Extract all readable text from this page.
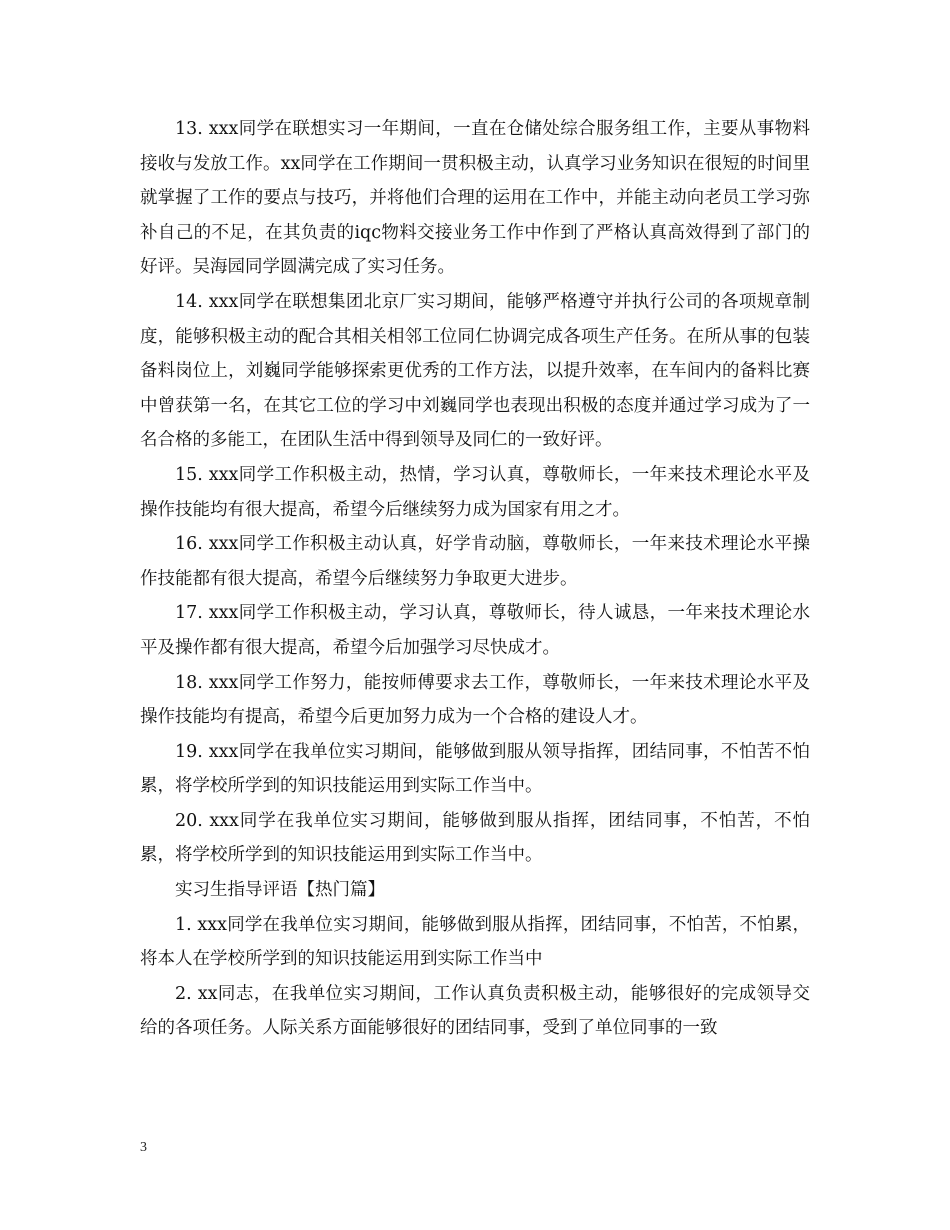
13. xxx同学在联想实习一年期间，一直在仓储处综合服务组工作，主要从事物料接收与发放工作。xx同学在工作期间一贯积极主动，认真学习业务知识在很短的时间里就掌握了工作的要点与技巧，并将他们合理的运用在工作中，并能主动向老员工学习弥补自己的不足，在其负责的iqc物料交接业务工作中作到了严格认真高效得到了部门的好评。吴海园同学圆满完成了实习任务。

14. xxx同学在联想集团北京厂实习期间，能够严格遵守并执行公司的各项规章制度，能够积极主动的配合其相关相邻工位同仁协调完成各项生产任务。在所从事的包装备料岗位上，刘巍同学能够探索更优秀的工作方法，以提升效率，在车间内的备料比赛中曾获第一名，在其它工位的学习中刘巍同学也表现出积极的态度并通过学习成为了一名合格的多能工，在团队生活中得到领导及同仁的一致好评。

15. xxx同学工作积极主动，热情，学习认真，尊敬师长，一年来技术理论水平及操作技能均有很大提高，希望今后继续努力成为国家有用之才。

16. xxx同学工作积极主动认真，好学肯动脑，尊敬师长，一年来技术理论水平操作技能都有很大提高，希望今后继续努力争取更大进步。

17. xxx同学工作积极主动，学习认真，尊敬师长，待人诚恳，一年来技术理论水平及操作都有很大提高，希望今后加强学习尽快成才。

18. xxx同学工作努力，能按师傅要求去工作，尊敬师长，一年来技术理论水平及操作技能均有提高，希望今后更加努力成为一个合格的建设人才。

19. xxx同学在我单位实习期间，能够做到服从领导指挥，团结同事，不怕苦不怕累，将学校所学到的知识技能运用到实际工作当中。

20. xxx同学在我单位实习期间，能够做到服从指挥，团结同事，不怕苦，不怕累，将学校所学到的知识技能运用到实际工作当中。

实习生指导评语【热门篇】

1. xxx同学在我单位实习期间，能够做到服从指挥，团结同事，不怕苦，不怕累，将本人在学校所学到的知识技能运用到实际工作当中

2. xx同志，在我单位实习期间，工作认真负责积极主动，能够很好的完成领导交给的各项任务。人际关系方面能够很好的团结同事，受到了单位同事的一致

3
